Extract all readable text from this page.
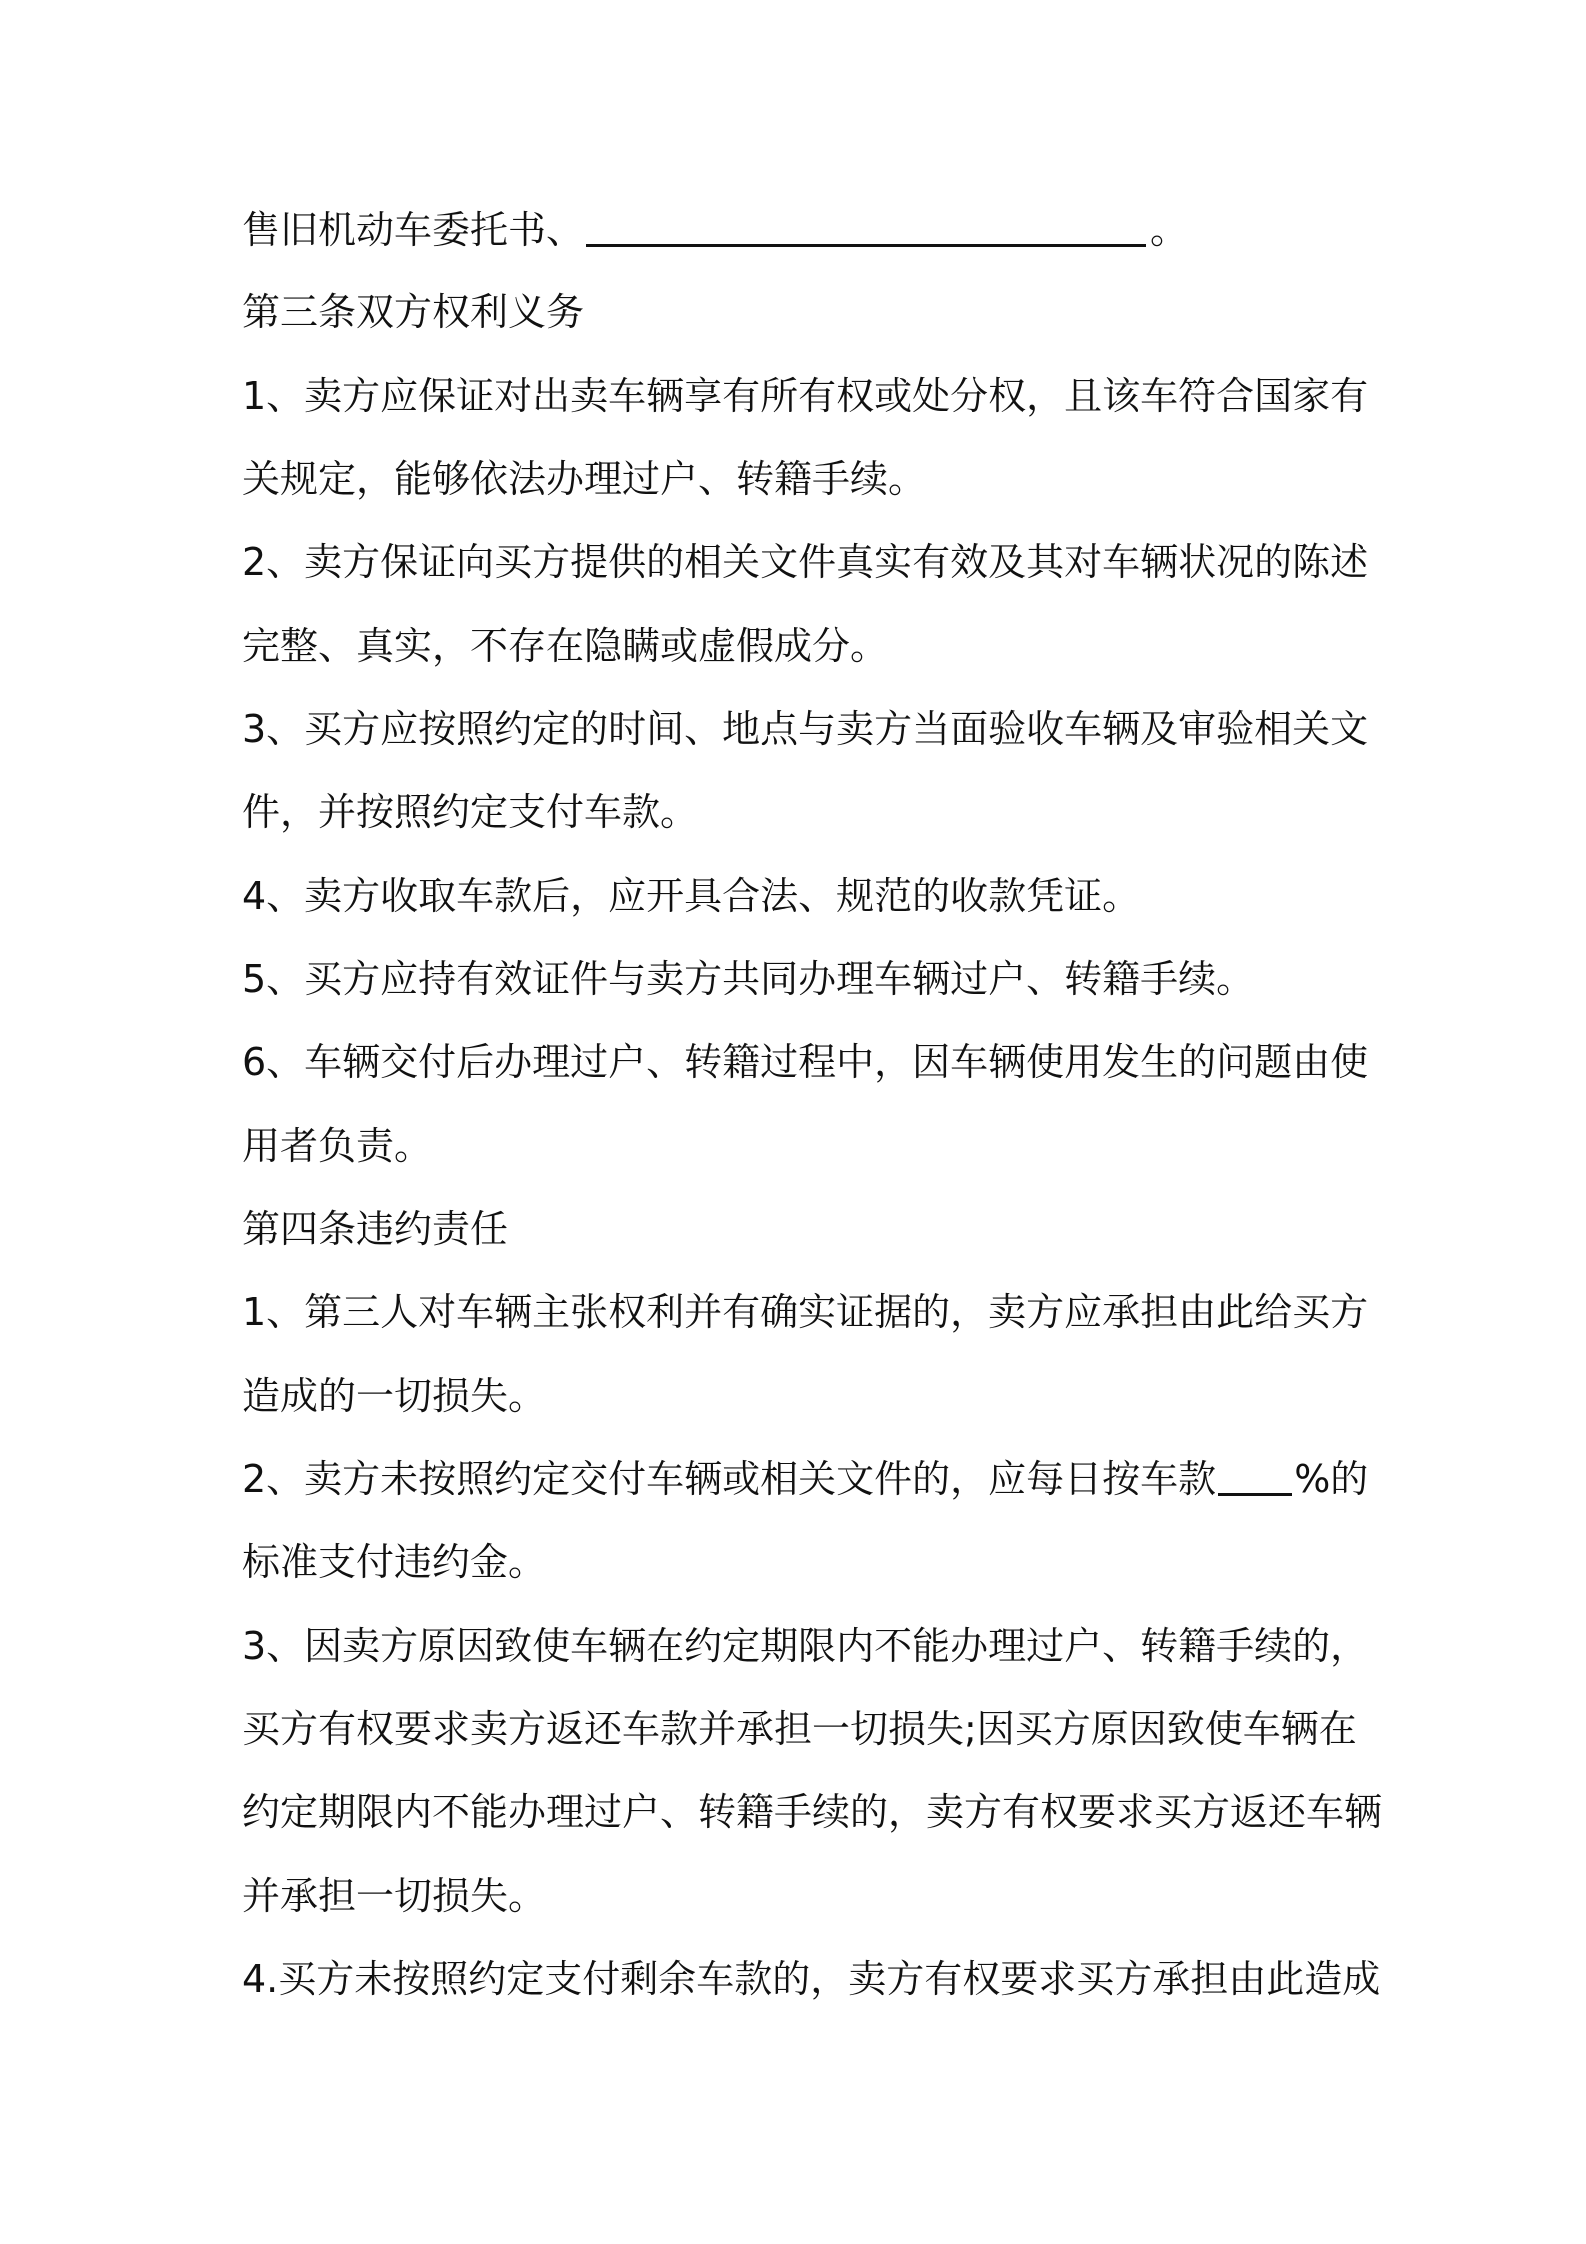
售旧机动车委托书、	。
第三条双方权利义务
1、卖方应保证对出卖车辆享有所有权或处分权，且该车符合国家有
关规定，能够依法办理过户、转籍手续。
2、卖方保证向买方提供的相关文件真实有效及其对车辆状况的陈述
完整、真实，不存在隐瞒或虚假成分。
3、买方应按照约定的时间、地点与卖方当面验收车辆及审验相关文
件，并按照约定支付车款。
4、卖方收取车款后，应开具合法、规范的收款凭证。
5、买方应持有效证件与卖方共同办理车辆过户、转籍手续。
6、车辆交付后办理过户、转籍过程中，因车辆使用发生的问题由使
用者负责。
第四条违约责任
1、第三人对车辆主张权利并有确实证据的，卖方应承担由此给买方
造成的一切损失。
2、卖方未按照约定交付车辆或相关文件的，应每日按车款 %的
标准支付违约金。
3、因卖方原因致使车辆在约定期限内不能办理过户、转籍手续的，
买方有权要求卖方返还车款并承担一切损失;因买方原因致使车辆在
约定期限内不能办理过户、转籍手续的，卖方有权要求买方返还车辆
并承担一切损失。
4.买方未按照约定支付剩余车款的，卖方有权要求买方承担由此造成
